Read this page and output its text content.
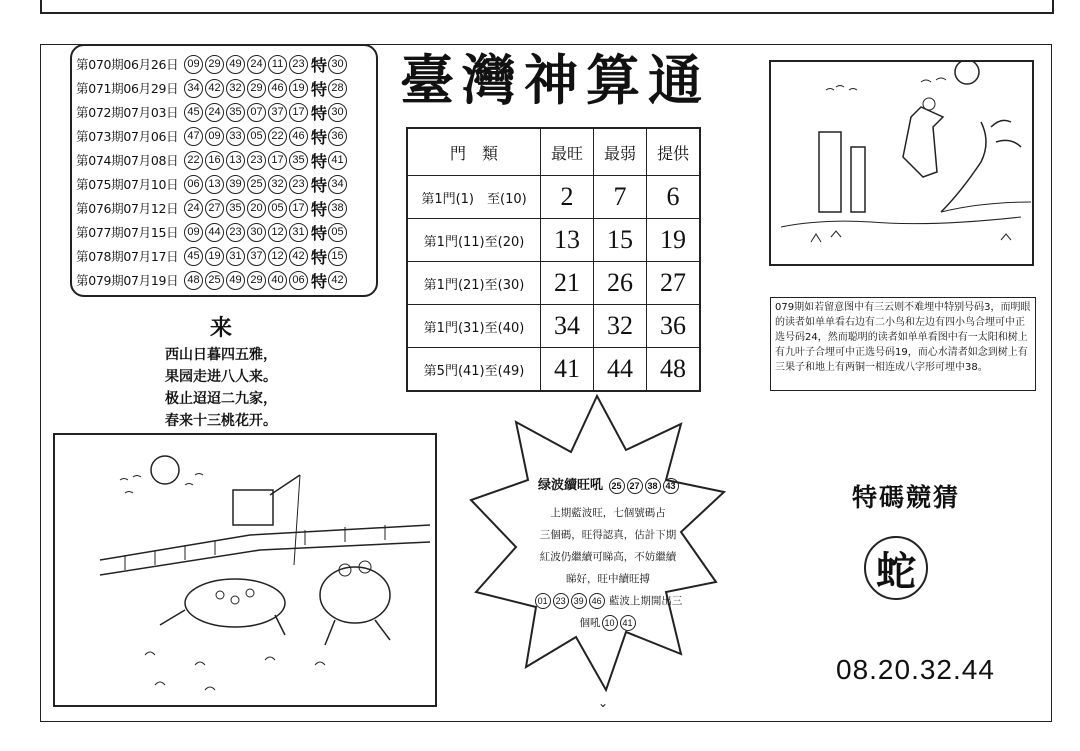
第070期06月26日 09 29 49 24 11 23 特 30
第071期06月29日 34 42 32 29 46 19 特 28
第072期07月03日 45 24 35 07 37 17 特 30
第073期07月06日 47 09 33 05 22 46 特 36
第074期07月08日 22 16 13 23 17 35 特 41
第075期07月10日 06 13 39 25 32 23 特 34
第076期07月12日 24 27 35 20 05 17 特 38
第077期07月15日 09 44 23 30 12 31 特 05
第078期07月17日 45 19 31 37 12 42 特 15
第079期07月19日 48 25 49 29 40 06 特 42
臺灣神算通
門　類	最旺	最弱	提供
第1門(1)　至(10)	2	7	6
第1門(11)至(20)	13	15	19
第1門(21)至(30)	21	26	27
第1門(31)至(40)	34	32	36
第5門(41)至(49)	41	44	48
来
西山日暮四五雅，
果园走进八人来。
极止迢迢二九家，
春来十三桃花开。
079期如若留意图中有三云则不难埋中特别号码3，而明眼的读者如单单看右边有二小鸟和左边有四小鸟合埋可中正选号码24，然而聪明的读者如单单看图中有一太阳和树上有九叶子合埋可中正选号码19，而心水清者如念到树上有三果子和地上有两铜一相连成八字形可埋中38。
绿波續旺吼 25 27 38 43
上期藍波旺，七個號碼占
三個碼，旺得認真，估計下期
紅波仍繼續可睇高，不妨繼續
睇好，旺中續旺搏
01 23 39 46 藍波上期開出三
個吼 10 41
⌄
特碼競猜
蛇
08.20.32.44
